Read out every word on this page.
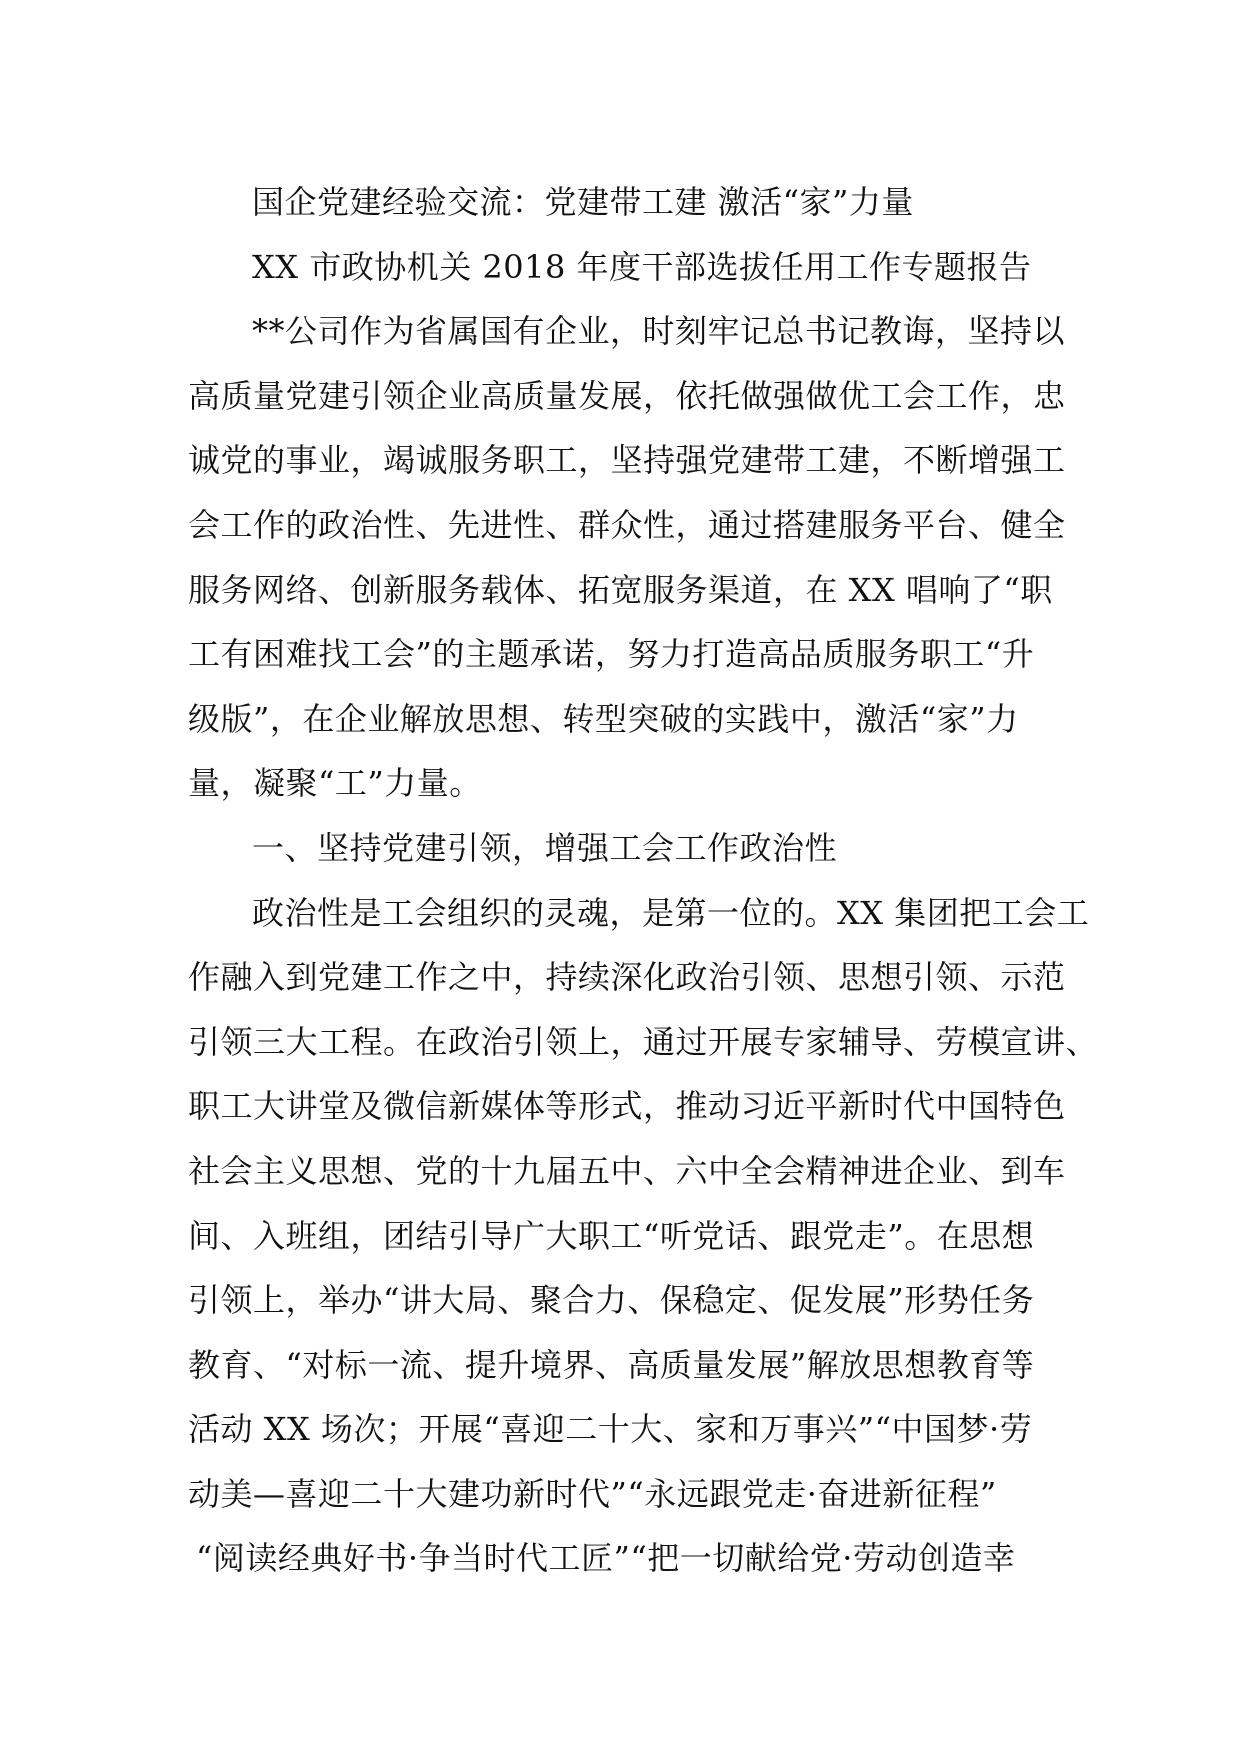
国企党建经验交流：党建带工建 激活“家”力量
XX 市政协机关 2018 年度干部选拔任用工作专题报告
**公司作为省属国有企业，时刻牢记总书记教诲，坚持以
高质量党建引领企业高质量发展，依托做强做优工会工作，忠
诚党的事业，竭诚服务职工，坚持强党建带工建，不断增强工
会工作的政治性、先进性、群众性，通过搭建服务平台、健全
服务网络、创新服务载体、拓宽服务渠道，在 XX 唱响了“职
工有困难找工会”的主题承诺，努力打造高品质服务职工“升
级版”，在企业解放思想、转型突破的实践中，激活“家”力
量，凝聚“工”力量。
一、坚持党建引领，增强工会工作政治性
政治性是工会组织的灵魂，是第一位的。XX 集团把工会工
作融入到党建工作之中，持续深化政治引领、思想引领、示范
引领三大工程。在政治引领上，通过开展专家辅导、劳模宣讲、
职工大讲堂及微信新媒体等形式，推动习近平新时代中国特色
社会主义思想、党的十九届五中、六中全会精神进企业、到车
间、入班组，团结引导广大职工“听党话、跟党走”。在思想
引领上，举办“讲大局、聚合力、保稳定、促发展”形势任务
教育、“对标一流、提升境界、高质量发展”解放思想教育等
活动 XX 场次；开展“喜迎二十大、家和万事兴”“中国梦·劳
动美—喜迎二十大建功新时代”“永远跟党走·奋进新征程”
“阅读经典好书·争当时代工匠”“把一切献给党·劳动创造幸
